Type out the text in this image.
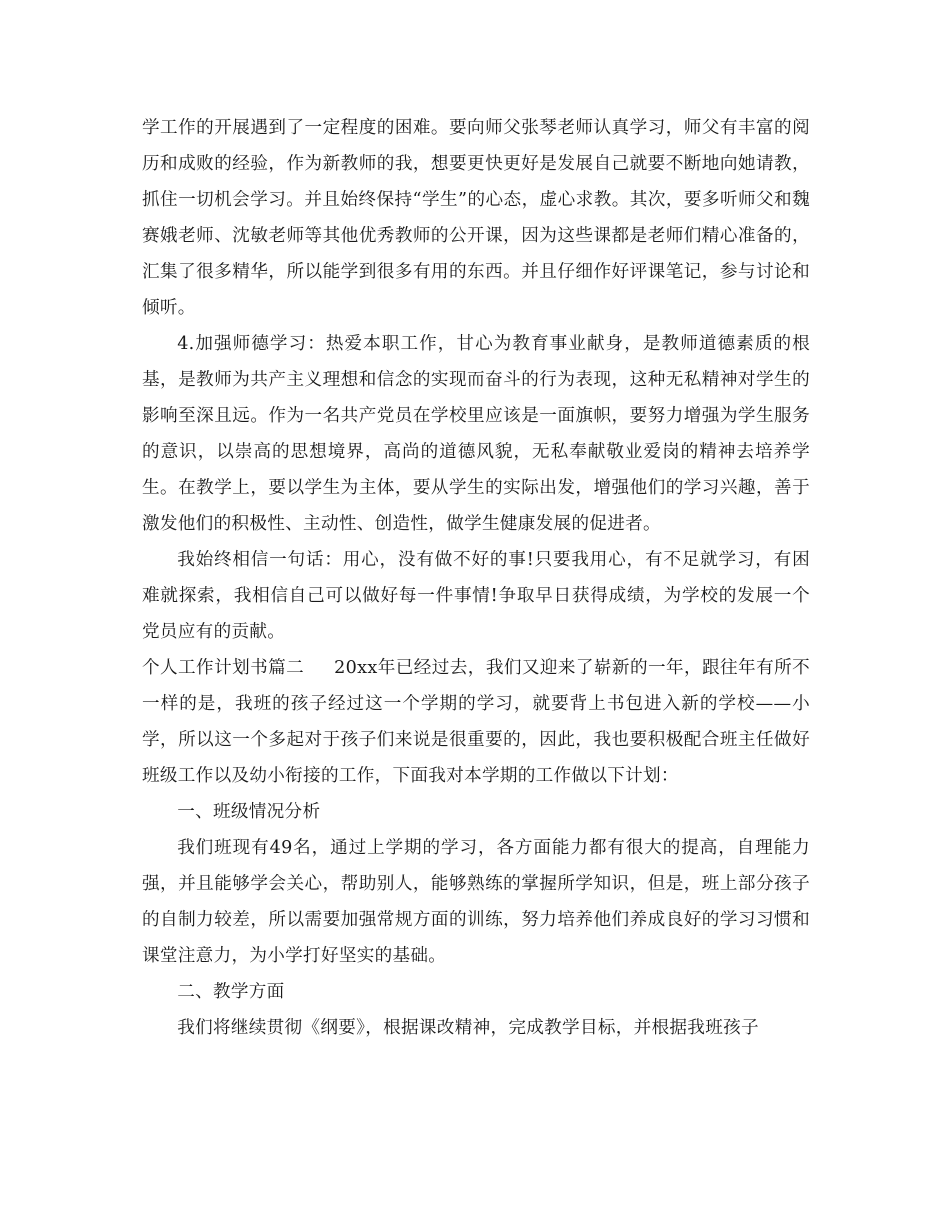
学工作的开展遇到了一定程度的困难。要向师父张琴老师认真学习，师父有丰富的阅历和成败的经验，作为新教师的我，想要更快更好是发展自己就要不断地向她请教，抓住一切机会学习。并且始终保持“学生”的心态，虚心求教。其次，要多听师父和魏赛娥老师、沈敏老师等其他优秀教师的公开课，因为这些课都是老师们精心准备的，汇集了很多精华，所以能学到很多有用的东西。并且仔细作好评课笔记，参与讨论和倾听。

4.加强师德学习：热爱本职工作，甘心为教育事业献身，是教师道德素质的根基，是教师为共产主义理想和信念的实现而奋斗的行为表现，这种无私精神对学生的影响至深且远。作为一名共产党员在学校里应该是一面旗帜，要努力增强为学生服务的意识，以崇高的思想境界，高尚的道德风貌，无私奉献敬业爱岗的精神去培养学生。在教学上，要以学生为主体，要从学生的实际出发，增强他们的学习兴趣，善于激发他们的积极性、主动性、创造性，做学生健康发展的促进者。

我始终相信一句话：用心，没有做不好的事!只要我用心，有不足就学习，有困难就探索，我相信自己可以做好每一件事情!争取早日获得成绩，为学校的发展一个党员应有的贡献。

个人工作计划书篇二 20xx年已经过去，我们又迎来了崭新的一年，跟往年有所不一样的是，我班的孩子经过这一个学期的学习，就要背上书包进入新的学校——小学，所以这一个多起对于孩子们来说是很重要的，因此，我也要积极配合班主任做好班级工作以及幼小衔接的工作，下面我对本学期的工作做以下计划：

一、班级情况分析

我们班现有49名，通过上学期的学习，各方面能力都有很大的提高，自理能力强，并且能够学会关心，帮助别人，能够熟练的掌握所学知识，但是，班上部分孩子的自制力较差，所以需要加强常规方面的训练，努力培养他们养成良好的学习习惯和课堂注意力，为小学打好坚实的基础。

二、教学方面

我们将继续贯彻《纲要》，根据课改精神，完成教学目标，并根据我班孩子
